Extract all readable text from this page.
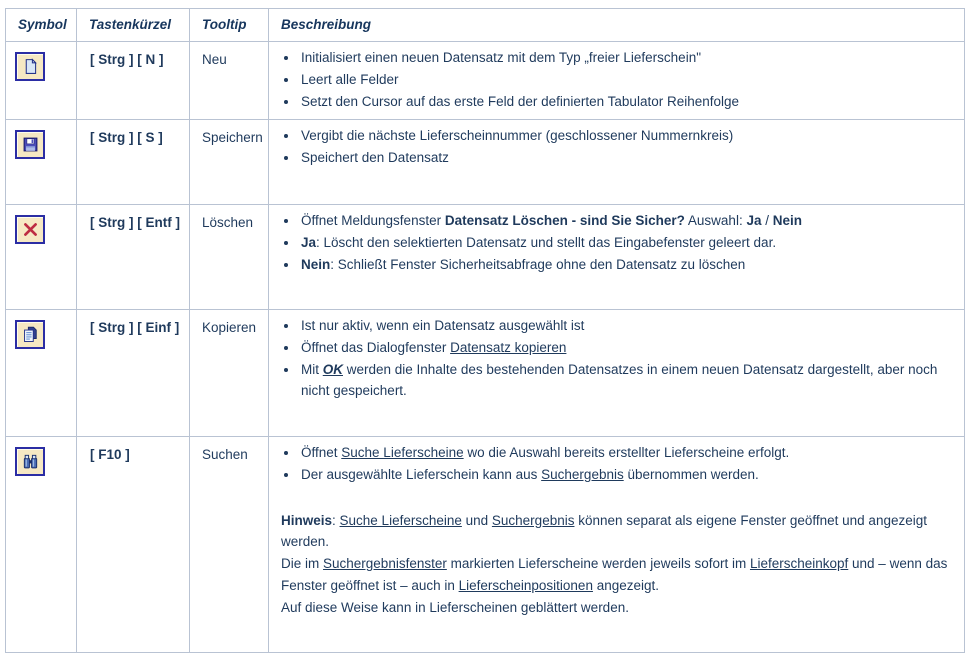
Symbol	Tastenkürzel	Tooltip	Beschreibung

	[ Strg ] [ N ]	Neu	
•Initialisiert einen neuen Datensatz mit dem Typ „freier Lieferschein"
• Leert alle Felder
• Setzt den Cursor auf das erste Feld der definierten Tabulator Reihenfolge

	[ Strg ] [ S ]	Speichern	
•Vergibt die nächste Lieferscheinnummer (geschlossener Nummernkreis)
• Speichert den Datensatz

	[ Strg ] [ Entf ]	Löschen	
•Öffnet Meldungsfenster Datensatz Löschen - sind Sie Sicher? Auswahl: Ja / Nein
• Ja: Löscht den selektierten Datensatz und stellt das Eingabefenster geleert dar.
• Nein: Schließt Fenster Sicherheitsabfrage ohne den Datensatz zu löschen

	[ Strg ] [ Einf ]	Kopieren	
•Ist nur aktiv, wenn ein Datensatz ausgewählt ist
• Öffnet das Dialogfenster Datensatz kopieren
• Mit OK werden die Inhalte des bestehenden Datensatzes in einem neuen Datensatz dargestellt, aber noch nicht gespeichert.

	[ F10 ]	Suchen	
•Öffnet Suche Lieferscheine wo die Auswahl bereits erstellter Lieferscheine erfolgt.
• Der ausgewählte Lieferschein kann aus Suchergebnis übernommen werden.
Hinweis: Suche Lieferscheine und Suchergebnis können separat als eigene Fenster geöffnet und angezeigt werden.
Die im Suchergebnisfenster markierten Lieferscheine werden jeweils sofort im Lieferscheinkopf und – wenn das Fenster geöffnet ist – auch in Lieferscheinpositionen angezeigt.
Auf diese Weise kann in Lieferscheinen geblättert werden.
